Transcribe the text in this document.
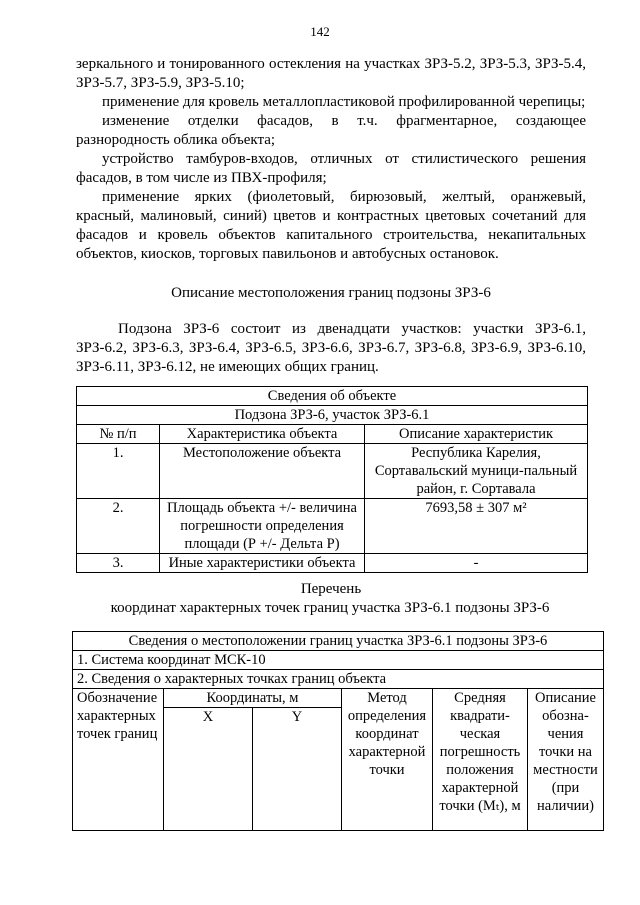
142
зеркального и тонированного остекления на участках ЗРЗ-5.2, ЗРЗ-5.3, ЗРЗ-5.4, ЗРЗ-5.7, ЗРЗ-5.9, ЗРЗ-5.10;
применение для кровель металлопластиковой профилированной черепицы;
изменение отделки фасадов, в т.ч. фрагментарное, создающее разнородность облика объекта;
устройство тамбуров-входов, отличных от стилистического решения фасадов, в том числе из ПВХ-профиля;
применение ярких (фиолетовый, бирюзовый, желтый, оранжевый, красный, малиновый, синий) цветов и контрастных цветовых сочетаний для фасадов и кровель объектов капитального строительства, некапитальных объектов, киосков, торговых павильонов и автобусных остановок.
Описание местоположения границ подзоны ЗРЗ-6
Подзона ЗРЗ-6 состоит из двенадцати участков: участки ЗРЗ-6.1, ЗРЗ-6.2, ЗРЗ-6.3, ЗРЗ-6.4, ЗРЗ-6.5, ЗРЗ-6.6, ЗРЗ-6.7, ЗРЗ-6.8, ЗРЗ-6.9, ЗРЗ-6.10, ЗРЗ-6.11, ЗРЗ-6.12, не имеющих общих границ.
Сведения об объекте		
Подзона ЗРЗ-6, участок ЗРЗ-6.1		
№ п/п	Характеристика объекта	Описание характеристик
1.	Местоположение объекта	Республика Карелия, Сортавальский муници-пальный район, г. Сортавала
2.	Площадь объекта +/- величина погрешности определения площади (Р +/- Дельта Р)	7693,58 ± 307 м²
3.	Иные характеристики объекта	-
Перечень
координат характерных точек границ участка ЗРЗ-6.1 подзоны ЗРЗ-6
Сведения о местоположении границ участка ЗРЗ-6.1 подзоны ЗРЗ-6					
1. Система координат МСК-10					
2. Сведения о характерных точках границ объекта					
Обозначение характерных точек границ	Координаты, м		Метод определения координат характерной точки	Средняя квадрати-ческая погрешность положения характерной точки (Mₜ), м	Описание обозна-чения точки на местности (при наличии)
	X	Y			
